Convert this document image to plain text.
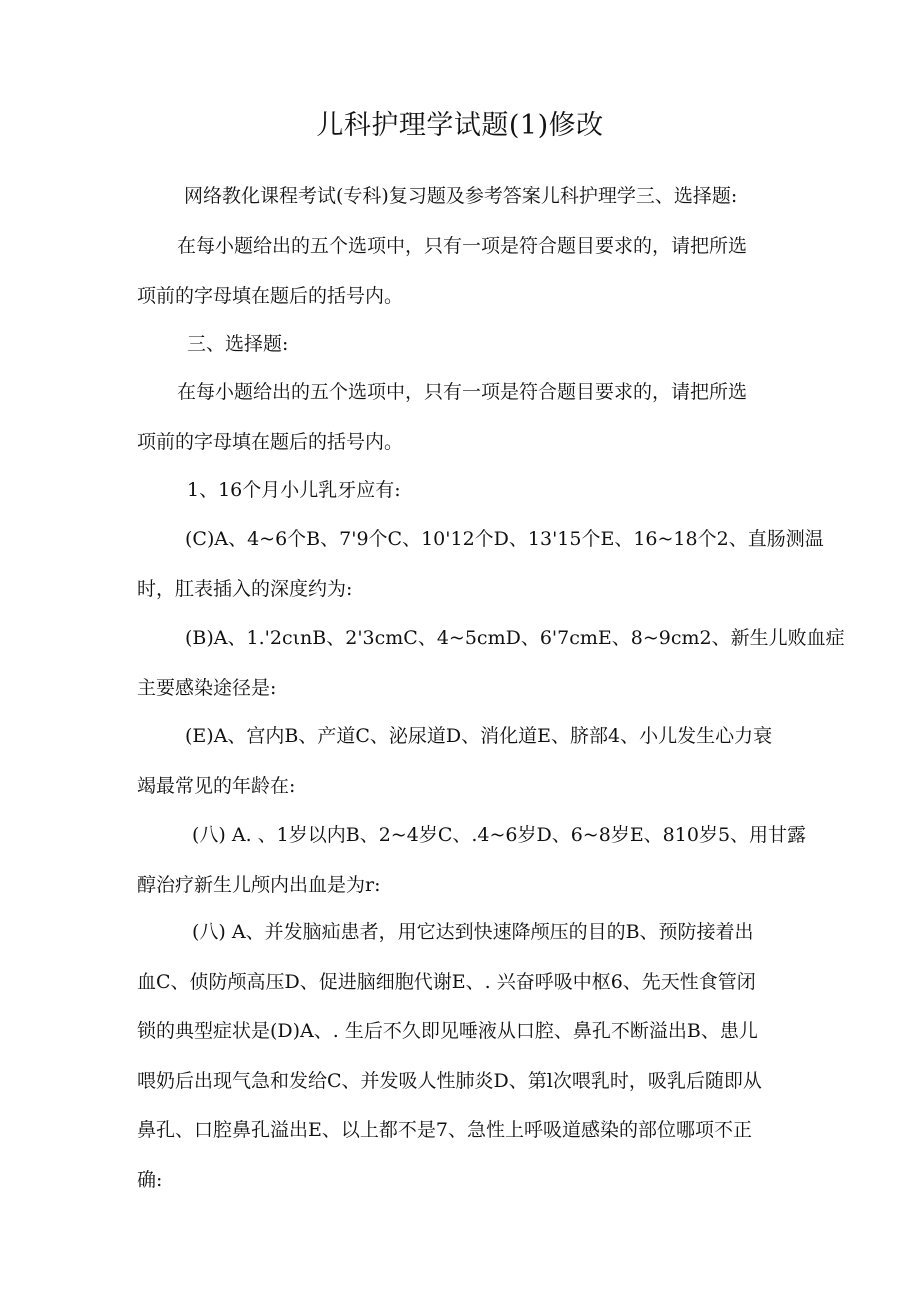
儿科护理学试题(1)修改
网络教化课程考试(专科)复习题及参考答案儿科护理学三、选择题:
在每小题给出的五个选项中，只有一项是符合题目要求的，请把所选
项前的字母填在题后的括号内。
三、选择题:
在每小题给出的五个选项中，只有一项是符合题目要求的，请把所选
项前的字母填在题后的括号内。
1、16个月小儿乳牙应有:
(C)A、4~6个B、7'9个C、10'12个D、13'15个E、16~18个2、直肠测温
时，肛表插入的深度约为:
(B)A、1.'2cιnB、2'3cmC、4~5cmD、6'7cmE、8~9cm2、新生儿败血症
主要感染途径是:
(E)A、宫内B、产道C、泌尿道D、消化道E、脐部4、小儿发生心力衰
竭最常见的年龄在:
(八) A. 、1岁以内B、2~4岁C、.4~6岁D、6~8岁E、810岁5、用甘露
醇治疗新生儿颅内出血是为r:
(八) A、并发脑疝患者，用它达到快速降颅压的目的B、预防接着出
血C、侦防颅高压D、促进脑细胞代谢E、. 兴奋呼吸中枢6、先天性食管闭
锁的典型症状是(D)A、. 生后不久即见唾液从口腔、鼻孔不断溢出B、患儿
喂奶后出现气急和发给C、并发吸人性肺炎D、第l次喂乳时，吸乳后随即从
鼻孔、口腔鼻孔溢出E、以上都不是7、急性上呼吸道感染的部位哪项不正
确:
